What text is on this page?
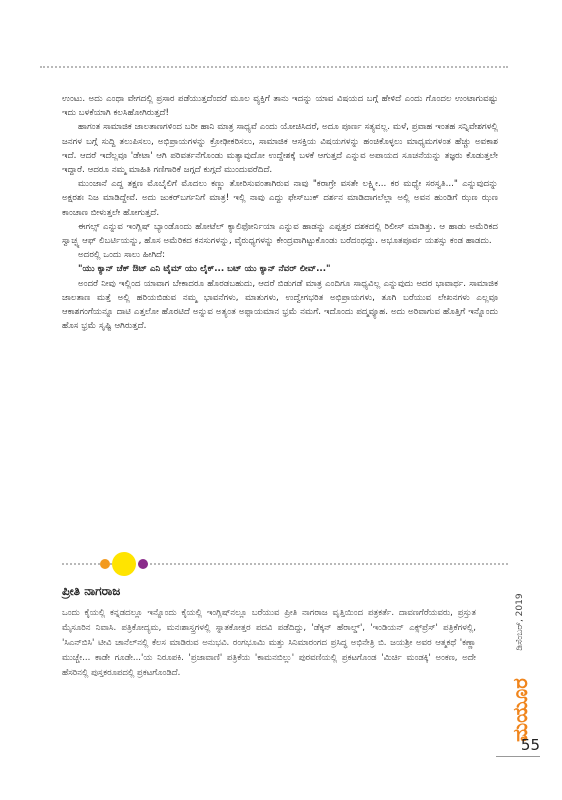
ಉಂಟು. ಅದು ಎಂಥಾ ವೇಗದಲ್ಲಿ ಪ್ರಸಾರ ಪಡೆಯುತ್ತದೆಂದರೆ ಮೂಲ ವ್ಯಕ್ತಿಗೆ ತಾನು ಇದನ್ನು ಯಾವ ವಿಷಯದ ಬಗ್ಗೆ ಹೇಳಿದೆ ಎಂದು ಗೊಂದಲ ಉಂಟಾಗುವಷ್ಟು ಇದು ಬಳಕೆಯಾಗಿ ಕಲಸಿಹೋಗಿರುತ್ತದೆ!

ಹಾಗಂತ ಸಾಮಾಜಿಕ ಜಾಲತಾಣಗಳಿಂದ ಬರೀ ಹಾನಿ ಮಾತ್ರ ಸಾಧ್ಯವೆ ಎಂದು ಯೋಚಿಸಿದರೆ, ಅದೂ ಪೂರ್ಣ ಸತ್ಯವಲ್ಲ. ಮಳೆ, ಪ್ರವಾಹ ಇಂತಹ ಸನ್ನಿವೇಶಗಳಲ್ಲಿ ಜನಗಳ ಬಗ್ಗೆ ಸುದ್ದಿ ತಲುಪಿಸಲು, ಅಭಿಪ್ರಾಯಗಳನ್ನು ಕ್ರೋಢೀಕರಿಸಲು, ಸಾಮಾಜಿಕ ಆಸಕ್ತಿಯ ವಿಷಯಗಳನ್ನು ಹಂಚಿಕೊಳ್ಳಲು ಮಾಧ್ಯಮಗಳಂತ ಹೆಚ್ಚು ಅವಕಾಶ ಇದೆ. ಆದರೆ ಇದೆಲ್ಲವೂ 'ಡೇಟಾ' ಆಗಿ ಪರಿವರ್ತನೆಗೊಂಡು ಮತ್ಯಾವುದೋ ಉದ್ದೇಶಕ್ಕೆ ಬಳಕೆ ಆಗುತ್ತದೆ ಎನ್ನುವ ಅಪಾಯದ ಸೂಚನೆಯನ್ನು ತಜ್ಞರು ಕೊಡುತ್ತಲೇ ಇದ್ದಾರೆ. ಆದರೂ ನಮ್ಮ ಮಾಹಿತಿ ಗಣಿಗಾರಿಕೆ ಜಗ್ಗದೆ ಕುಗ್ಗದೆ ಮುಂದುವರೆದಿದೆ.

ಮುಂಜಾನೆ ಎದ್ದ ತಕ್ಷಣ ಮೊಬೈಲಿಗೆ ಮೊದಲು ಕಣ್ಣು ತೋರಿಸುವಂತಾಗಿರುವ ನಾವು "ಕರಾಗ್ರೇ ವಸತೇ ಲಕ್ಷ್ಮೀ... ಕರ ಮಧ್ಯೇ ಸರಸ್ವತಿ..." ಎನ್ನುವುದನ್ನು ಅಕ್ಷರಶಃ ನಿಜ ಮಾಡಿದ್ದೇವೆ. ಅದು ಜುಕರ್‌ಬರ್ಗನಿಗೆ ಮಾತ್ರ! ಇಲ್ಲಿ ನಾವು ಎದ್ದು ಫೇಸ್‌ಬುಕ್ ದರ್ಶನ ಮಾಡಿದಾಗಲೆಲ್ಲಾ ಅಲ್ಲಿ ಅವನ ಹುಂಡಿಗೆ ಝಣ ಝಣ ಕಾಂಚಾಣ ಬೀಳುತ್ತಲೇ ಹೋಗುತ್ತದೆ.

ಈಗಲ್ಸ್ ಎನ್ನುವ ಇಂಗ್ಲಿಷ್ ಬ್ಯಾಂಡೊಂದು ಹೋಟೆಲ್ ಕ್ಯಾಲಿಫೋರ್ನಿಯಾ ಎನ್ನುವ ಹಾಡನ್ನು ಎಪ್ಪತ್ತರ ದಶಕದಲ್ಲಿ ರಿಲೀಸ್ ಮಾಡಿತ್ತು. ಆ ಹಾಡು ಅಮೆರಿಕದ ಸ್ವಾಚ್ಛ್ಯ ಆಫ್ ಲಿಬರ್ಟಿಯನ್ನು, ಹೊಸ ಅಮೆರಿಕದ ಕನಸುಗಳನ್ನು, ವೈರುಧ್ಯಗಳನ್ನು ಕೇಂದ್ರವಾಗಿಟ್ಟುಕೊಂಡು ಬರೆದಂಥದ್ದು. ಅಭೂತಪೂರ್ವ ಯಶಸ್ಸು ಕಂಡ ಹಾಡದು.

ಅದರಲ್ಲಿ ಒಂದು ಸಾಲು ಹೀಗಿದೆ:

"ಯು ಕ್ಯಾನ್ ಚೆಕ್ ಔಟ್ ಎನಿ ಟೈಮ್ ಯು ಲೈಕ್... ಬಟ್ ಯು ಕ್ಯಾನ್ ನೆವರ್ ಲೀವ್..."

ಅಂದರೆ ನೀವು ಇಲ್ಲಿಂದ ಯಾವಾಗ ಬೇಕಾದರೂ ಹೊರಡಬಹುದು, ಆದರೆ ಬಿಡುಗಡೆ ಮಾತ್ರ ಎಂದಿಗೂ ಸಾಧ್ಯವಿಲ್ಲ ಎನ್ನುವುದು ಅದರ ಭಾವಾರ್ಥ. ಸಾಮಾಜಿಕ ಜಾಲತಾಣ ಮತ್ತೆ ಅಲ್ಲಿ ಹರಿಯಬಿಡುವ ನಮ್ಮ ಭಾವನೆಗಳು, ಮಾತುಗಳು, ಉದ್ವೇಗಭರಿತ ಅಭಿಪ್ರಾಯಗಳು, ತೂಗಿ ಬರೆಯುವ ಲೇಖನಗಳು ಎಲ್ಲವೂ ಆಕಾಶಗಂಗೆಯನ್ನೂ ದಾಟಿ ಎತ್ತಲೋ ಹೊರಟಿದೆ ಅನ್ನುವ ಅತ್ಯಂತ ಅಪ್ಪಾಯಮಾನ ಭ್ರಮೆ ನಮಗೆ. ಇದೊಂದು ಪದ್ಮವ್ಯೂಹ. ಅದು ಅರಿವಾಗುವ ಹೊತ್ತಿಗೆ ಇನ್ನೊಂದು ಹೊಸ ಭ್ರಮೆ ಸೃಷ್ಟಿ ಆಗಿರುತ್ತದೆ.

ಪ್ರೀತಿ ನಾಗರಾಜ
ಒಂದು ಕೈಯಲ್ಲಿ ಕನ್ನಡದಲ್ಲೂ ಇನ್ನೊಂದು ಕೈಯಲ್ಲಿ ಇಂಗ್ಲಿಷ್‌ನಲ್ಲೂ ಬರೆಯುವ ಪ್ರೀತಿ ನಾಗರಾಜ ವೃತ್ತಿಯಿಂದ ಪತ್ರಕರ್ತೆ. ದಾವಣಗೆರೆಯವರು, ಪ್ರಸ್ತುತ ಮೈಸೂರಿನ ನಿವಾಸಿ. ಪತ್ರಿಕೋದ್ಯಮ, ಮನಃಶಾಸ್ತ್ರಗಳಲ್ಲಿ ಸ್ನಾತಕೋತ್ತರ ಪದವಿ ಪಡೆದಿದ್ದು, 'ಡೆಕ್ಕನ್ ಹೆರಾಲ್ಡ್', 'ಇಂಡಿಯನ್ ಎಕ್ಸ್‌ಪ್ರೆಸ್' ಪತ್ರಿಕೆಗಳಲ್ಲಿ, 'ಸಿಎನ್‌ಬಿಸಿ' ಟೀವಿ ಚಾನೆಲ್‌ನಲ್ಲಿ ಕೆಲಸ ಮಾಡಿರುವ ಅನುಭವಿ. ರಂಗಭೂಮಿ ಮತ್ತು ಸಿನಿಮಾರಂಗದ ಪ್ರಸಿದ್ಧ ಅಭಿನೇತ್ರಿ ಬಿ. ಜಯಶ್ರೀ ಅವರ ಆತ್ಮಕಥೆ 'ಕಣ್ಣಾ ಮುಚ್ಚೇ... ಕಾಡೇ ಗೂಡೇ...'ಯ ನಿರೂಪಕಿ. 'ಪ್ರಜಾವಾಣಿ' ಪತ್ರಿಕೆಯ 'ಕಾಮನಬಿಲ್ಲು' ಪುರವಣಿಯಲ್ಲಿ ಪ್ರಕಟಗೊಂಡ 'ಮಿರ್ಚಿ ಮಂಡಕ್ಕಿ' ಅಂಕಣ, ಅದೇ ಹೆಸರಿನಲ್ಲಿ ಪುಸ್ತಕರೂಪದಲ್ಲಿ ಪ್ರಕಟಗೊಂಡಿದೆ.
ಡಿಸೆಂಬರ್, 2019
ಮಯೂರ
55
